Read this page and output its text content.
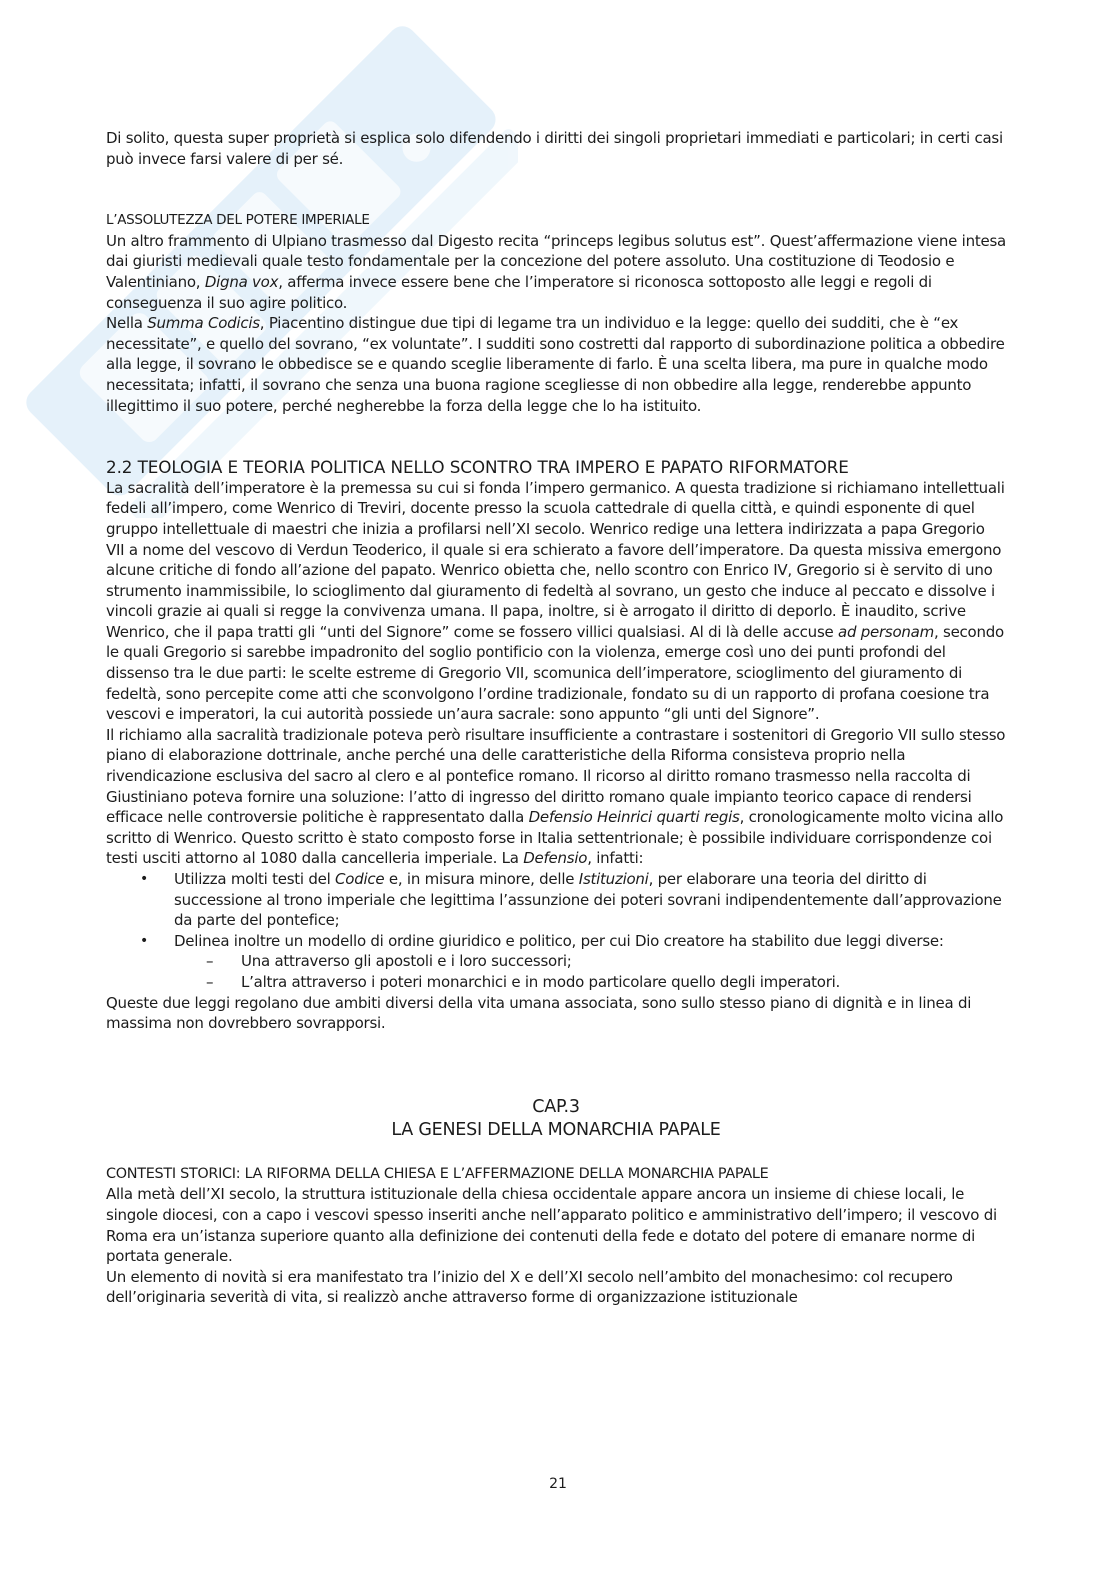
Di solito, questa super proprietà si esplica solo difendendo i diritti dei singoli proprietari immediati e particolari; in certi casi può invece farsi valere di per sé.

L’ASSOLUTEZZA DEL POTERE IMPERIALE

Un altro frammento di Ulpiano trasmesso dal Digesto recita “princeps legibus solutus est”. Quest’affermazione viene intesa dai giuristi medievali quale testo fondamentale per la concezione del potere assoluto. Una costituzione di Teodosio e Valentiniano, Digna vox, afferma invece essere bene che l’imperatore si riconosca sottoposto alle leggi e regoli di conseguenza il suo agire politico.

Nella Summa Codicis, Piacentino distingue due tipi di legame tra un individuo e la legge: quello dei sudditi, che è “ex necessitate”, e quello del sovrano, “ex voluntate”. I sudditi sono costretti dal rapporto di subordinazione politica a obbedire alla legge, il sovrano le obbedisce se e quando sceglie liberamente di farlo. È una scelta libera, ma pure in qualche modo necessitata; infatti, il sovrano che senza una buona ragione scegliesse di non obbedire alla legge, renderebbe appunto illegittimo il suo potere, perché negherebbe la forza della legge che lo ha istituito.

2.2 TEOLOGIA E TEORIA POLITICA NELLO SCONTRO TRA IMPERO E PAPATO RIFORMATORE

La sacralità dell’imperatore è la premessa su cui si fonda l’impero germanico. A questa tradizione si richiamano intellettuali fedeli all’impero, come Wenrico di Treviri, docente presso la scuola cattedrale di quella città, e quindi esponente di quel gruppo intellettuale di maestri che inizia a profilarsi nell’XI secolo. Wenrico redige una lettera indirizzata a papa Gregorio VII a nome del vescovo di Verdun Teoderico, il quale si era schierato a favore dell’imperatore. Da questa missiva emergono alcune critiche di fondo all’azione del papato. Wenrico obietta che, nello scontro con Enrico IV, Gregorio si è servito di uno strumento inammissibile, lo scioglimento dal giuramento di fedeltà al sovrano, un gesto che induce al peccato e dissolve i vincoli grazie ai quali si regge la convivenza umana. Il papa, inoltre, si è arrogato il diritto di deporlo. È inaudito, scrive Wenrico, che il papa tratti gli “unti del Signore” come se fossero villici qualsiasi. Al di là delle accuse ad personam, secondo le quali Gregorio si sarebbe impadronito del soglio pontificio con la violenza, emerge così uno dei punti profondi del dissenso tra le due parti: le scelte estreme di Gregorio VII, scomunica dell’imperatore, scioglimento del giuramento di fedeltà, sono percepite come atti che sconvolgono l’ordine tradizionale, fondato su di un rapporto di profana coesione tra vescovi e imperatori, la cui autorità possiede un’aura sacrale: sono appunto “gli unti del Signore”.

Il richiamo alla sacralità tradizionale poteva però risultare insufficiente a contrastare i sostenitori di Gregorio VII sullo stesso piano di elaborazione dottrinale, anche perché una delle caratteristiche della Riforma consisteva proprio nella rivendicazione esclusiva del sacro al clero e al pontefice romano. Il ricorso al diritto romano trasmesso nella raccolta di Giustiniano poteva fornire una soluzione: l’atto di ingresso del diritto romano quale impianto teorico capace di rendersi efficace nelle controversie politiche è rappresentato dalla Defensio Heinrici quarti regis, cronologicamente molto vicina allo scritto di Wenrico. Questo scritto è stato composto forse in Italia settentrionale; è possibile individuare corrispondenze coi testi usciti attorno al 1080 dalla cancelleria imperiale. La Defensio, infatti:

• Utilizza molti testi del Codice e, in misura minore, delle Istituzioni, per elaborare una teoria del diritto di successione al trono imperiale che legittima l’assunzione dei poteri sovrani indipendentemente dall’approvazione da parte del pontefice;
• Delinea inoltre un modello di ordine giuridico e politico, per cui Dio creatore ha stabilito due leggi diverse:
– Una attraverso gli apostoli e i loro successori;
– L’altra attraverso i poteri monarchici e in modo particolare quello degli imperatori.

Queste due leggi regolano due ambiti diversi della vita umana associata, sono sullo stesso piano di dignità e in linea di massima non dovrebbero sovrapporsi.

CAP.3

LA GENESI DELLA MONARCHIA PAPALE

CONTESTI STORICI: LA RIFORMA DELLA CHIESA E L’AFFERMAZIONE DELLA MONARCHIA PAPALE

Alla metà dell’XI secolo, la struttura istituzionale della chiesa occidentale appare ancora un insieme di chiese locali, le singole diocesi, con a capo i vescovi spesso inseriti anche nell’apparato politico e amministrativo dell’impero; il vescovo di Roma era un’istanza superiore quanto alla definizione dei contenuti della fede e dotato del potere di emanare norme di portata generale.

Un elemento di novità si era manifestato tra l’inizio del X e dell’XI secolo nell’ambito del monachesimo: col recupero dell’originaria severità di vita, si realizzò anche attraverso forme di organizzazione istituzionale

21
